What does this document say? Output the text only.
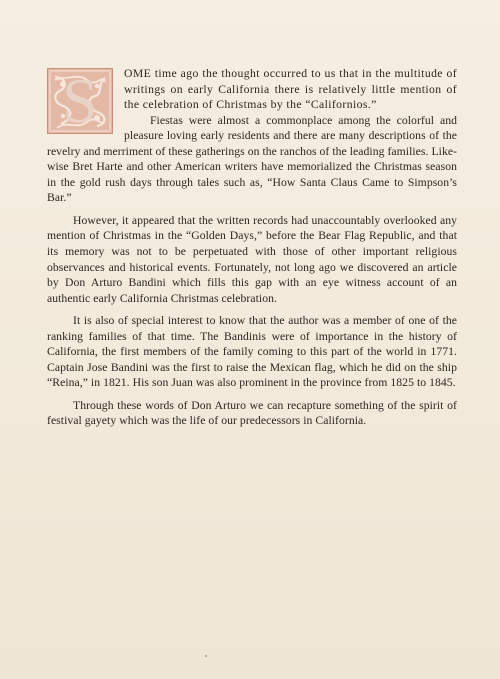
S	OME time ago the thought occurred to us that in the multitude of writings on early California there is relatively little mention of the celebration of Christmas by the “Californios.”

Fiestas were almost a commonplace among the colorful and pleasure loving early residents and there are many descriptions of the revelry and merriment of these gatherings on the ranchos of the leading families. Likewise Bret Harte and other American writers have memorialized the Christmas season in the gold rush days through tales such as, “How Santa Claus Came to Simpson’s Bar.”

However, it appeared that the written records had unaccountably overlooked any mention of Christmas in the “Golden Days,” before the Bear Flag Republic, and that its memory was not to be perpetuated with those of other important religious observances and historical events. Fortunately, not long ago we discovered an article by Don Arturo Bandini which fills this gap with an eye witness account of an authentic early California Christmas celebration.

It is also of special interest to know that the author was a member of one of the ranking families of that time. The Bandinis were of importance in the history of California, the first members of the family coming to this part of the world in 1771. Captain Jose Bandini was the first to raise the Mexican flag, which he did on the ship “Reina,” in 1821. His son Juan was also prominent in the province from 1825 to 1845.

Through these words of Don Arturo we can recapture something of the spirit of festival gayety which was the life of our predecessors in California.
